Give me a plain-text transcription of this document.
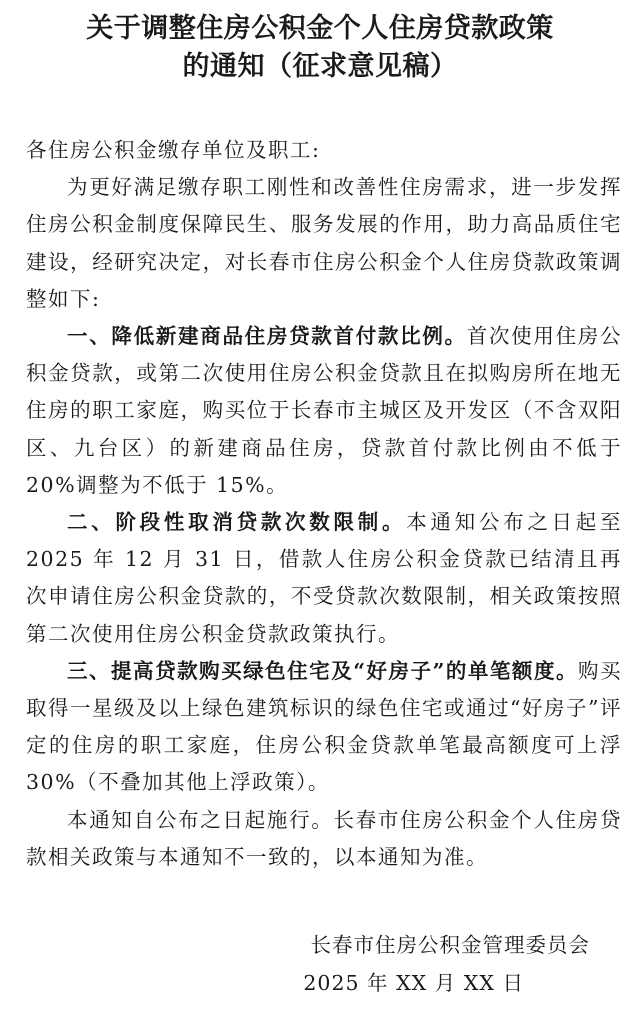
关于调整住房公积金个人住房贷款政策
的通知（征求意见稿）

各住房公积金缴存单位及职工:

为更好满足缴存职工刚性和改善性住房需求，进一步发挥住房公积金制度保障民生、服务发展的作用，助力高品质住宅建设，经研究决定，对长春市住房公积金个人住房贷款政策调整如下:

一、降低新建商品住房贷款首付款比例。首次使用住房公积金贷款，或第二次使用住房公积金贷款且在拟购房所在地无住房的职工家庭，购买位于长春市主城区及开发区（不含双阳区、九台区）的新建商品住房，贷款首付款比例由不低于 20%调整为不低于 15%。

二、阶段性取消贷款次数限制。本通知公布之日起至 2025 年 12 月 31 日，借款人住房公积金贷款已结清且再次申请住房公积金贷款的，不受贷款次数限制，相关政策按照第二次使用住房公积金贷款政策执行。

三、提高贷款购买绿色住宅及“好房子”的单笔额度。购买取得一星级及以上绿色建筑标识的绿色住宅或通过“好房子”评定的住房的职工家庭，住房公积金贷款单笔最高额度可上浮 30%（不叠加其他上浮政策）。

本通知自公布之日起施行。长春市住房公积金个人住房贷款相关政策与本通知不一致的，以本通知为准。

长春市住房公积金管理委员会
2025 年 XX 月 XX 日
